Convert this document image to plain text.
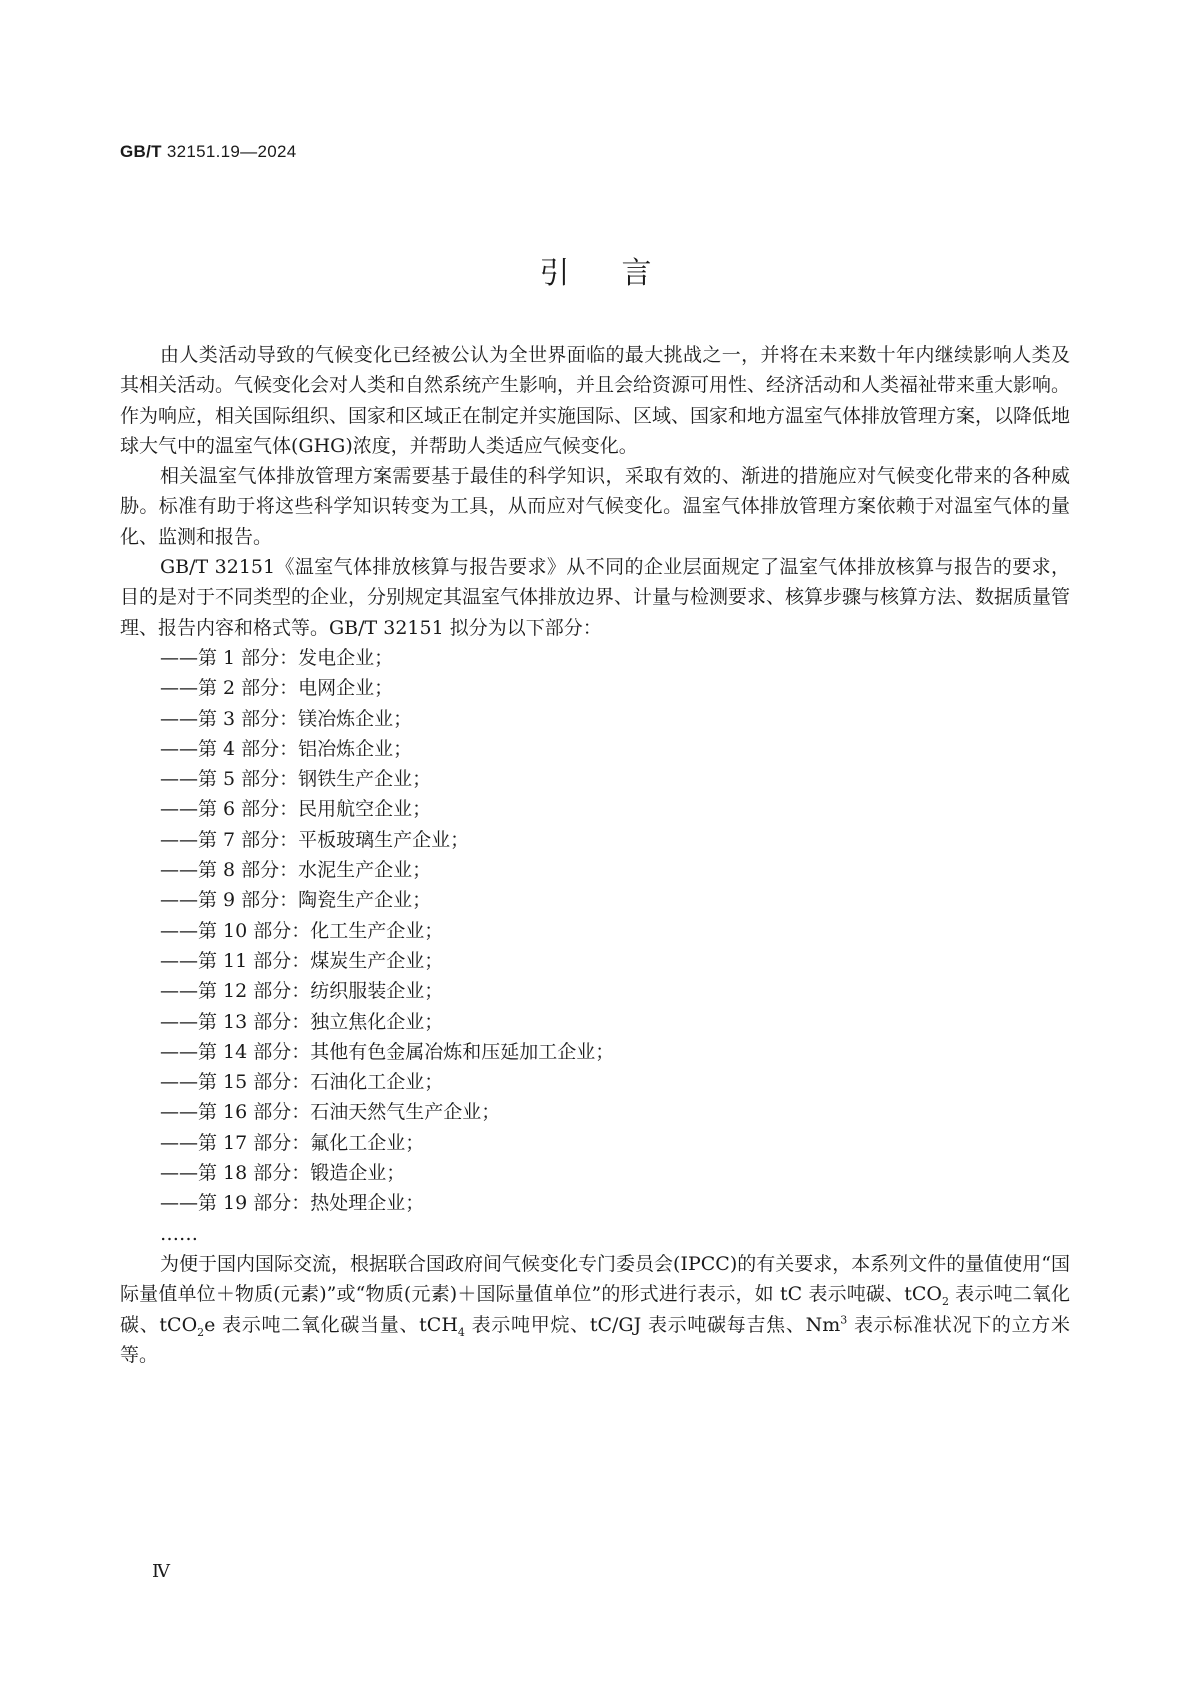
GB/T 32151.19—2024
引言

由人类活动导致的气候变化已经被公认为全世界面临的最大挑战之一，并将在未来数十年内继续影响人类及其相关活动。气候变化会对人类和自然系统产生影响，并且会给资源可用性、经济活动和人类福祉带来重大影响。作为响应，相关国际组织、国家和区域正在制定并实施国际、区域、国家和地方温室气体排放管理方案，以降低地球大气中的温室气体(GHG)浓度，并帮助人类适应气候变化。

相关温室气体排放管理方案需要基于最佳的科学知识，采取有效的、渐进的措施应对气候变化带来的各种威胁。标准有助于将这些科学知识转变为工具，从而应对气候变化。温室气体排放管理方案依赖于对温室气体的量化、监测和报告。

GB/T 32151《温室气体排放核算与报告要求》从不同的企业层面规定了温室气体排放核算与报告的要求，目的是对于不同类型的企业，分别规定其温室气体排放边界、计量与检测要求、核算步骤与核算方法、数据质量管理、报告内容和格式等。GB/T 32151 拟分为以下部分：

——第 1 部分：发电企业；
——第 2 部分：电网企业；
——第 3 部分：镁冶炼企业；
——第 4 部分：铝冶炼企业；
——第 5 部分：钢铁生产企业；
——第 6 部分：民用航空企业；
——第 7 部分：平板玻璃生产企业；
——第 8 部分：水泥生产企业；
——第 9 部分：陶瓷生产企业；
——第 10 部分：化工生产企业；
——第 11 部分：煤炭生产企业；
——第 12 部分：纺织服装企业；
——第 13 部分：独立焦化企业；
——第 14 部分：其他有色金属冶炼和压延加工企业；
——第 15 部分：石油化工企业；
——第 16 部分：石油天然气生产企业；
——第 17 部分：氟化工企业；
——第 18 部分：锻造企业；
——第 19 部分：热处理企业；
……

为便于国内国际交流，根据联合国政府间气候变化专门委员会(IPCC)的有关要求，本系列文件的量值使用“国际量值单位＋物质(元素)”或“物质(元素)＋国际量值单位”的形式进行表示，如 tC 表示吨碳、tCO$_2$ 表示吨二氧化碳、tCO$_2$e 表示吨二氧化碳当量、tCH$_4$ 表示吨甲烷、tC/GJ 表示吨碳每吉焦、Nm$^3$ 表示标准状况下的立方米等。

Ⅳ
